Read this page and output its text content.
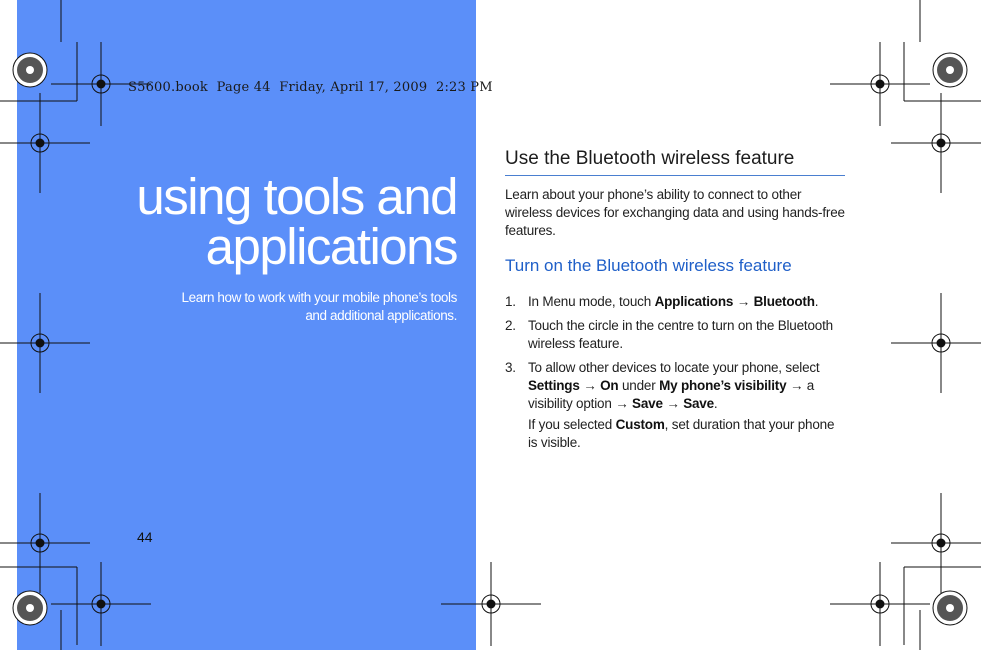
S5600.book  Page 44  Friday, April 17, 2009  2:23 PM
using tools and
applications
Learn how to work with your mobile phone’s tools
and additional applications.
44
Use the Bluetooth wireless feature
Learn about your phone’s ability to connect to other wireless devices for exchanging data and using hands-free features.
Turn on the Bluetooth wireless feature
1. In Menu mode, touch Applications → Bluetooth.
2. Touch the circle in the centre to turn on the Bluetooth wireless feature.
3. To allow other devices to locate your phone, select Settings → On under My phone’s visibility → a visibility option → Save → Save.
If you selected Custom, set duration that your phone is visible.
